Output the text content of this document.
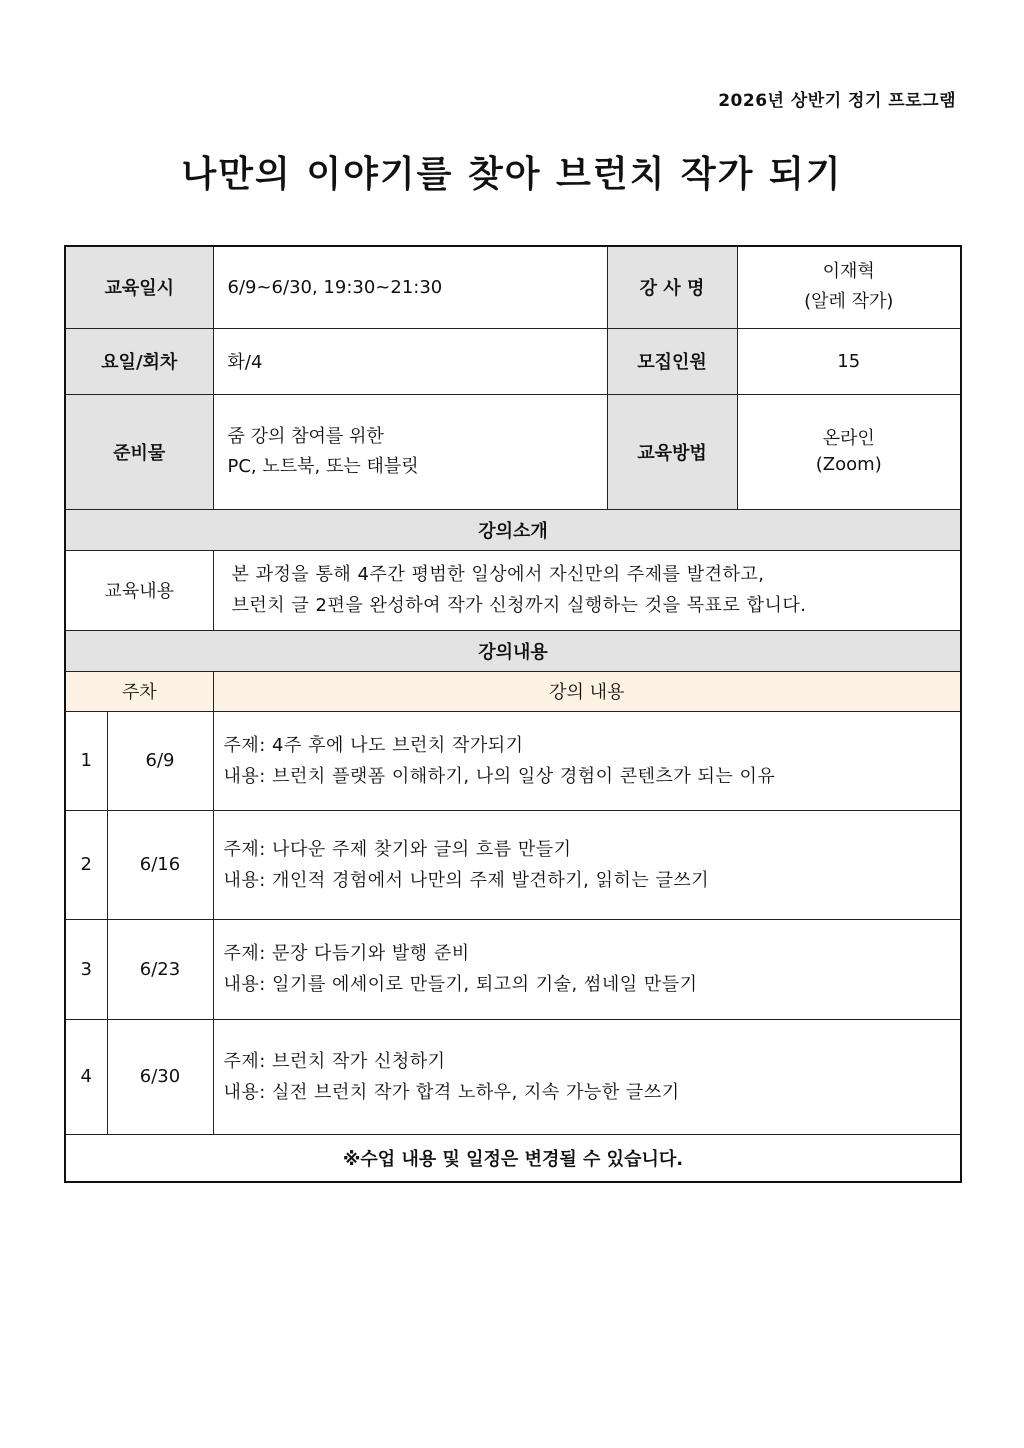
2026년 상반기 정기 프로그램
나만의 이야기를 찾아 브런치 작가 되기
교육일시		6/9~6/30, 19:30~21:30	강 사 명	이재혁
(알레 작가)

요일/회차		화/4	모집인원	15
준비물		줌 강의 참여를 위한
PC, 노트북, 또는 태블릿	교육방법	온라인
(Zoom)

강의소개				
교육내용		본 과정을 통해 4주간 평범한 일상에서 자신만의 주제를 발견하고,
브런치 글 2편을 완성하여 작가 신청까지 실행하는 것을 목표로 합니다.		

강의내용				
주차		강의 내용		
1	6/9	주제: 4주 후에 나도 브런치 작가되기
내용: 브런치 플랫폼 이해하기, 나의 일상 경험이 콘텐츠가 되는 이유		

2	6/16	주제: 나다운 주제 찾기와 글의 흐름 만들기
내용: 개인적 경험에서 나만의 주제 발견하기, 읽히는 글쓰기		

3	6/23	주제: 문장 다듬기와 발행 준비
내용: 일기를 에세이로 만들기, 퇴고의 기술, 썸네일 만들기		

4	6/30	주제: 브런치 작가 신청하기
내용: 실전 브런치 작가 합격 노하우, 지속 가능한 글쓰기		

※수업 내용 및 일정은 변경될 수 있습니다.				
